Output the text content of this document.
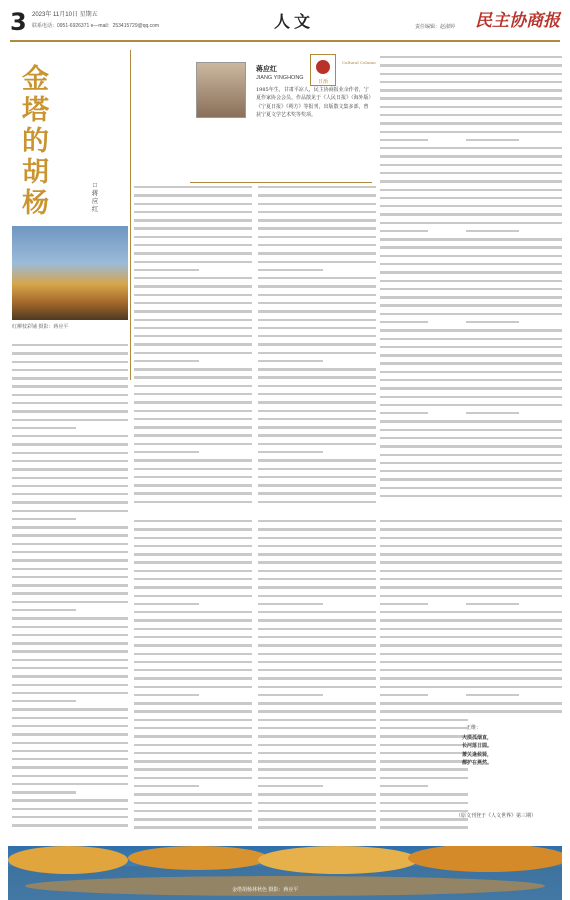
3 2023年 11月10日 星期五
联系电话：0951-6926371 e—mail：253415729@qq.com	人文	责任编辑：赵淑婷 民主协商报
金
塔
的
胡
杨
□蒋应红
红柳枝彩铺 摄影：蒋应平
蒋应红
JIANG YINGHONG
日渐
Cultural Column
1985年生，甘肃平凉人，民主协商报业余作者，宁夏作家协会会员。作品散见于《人民日报》（海外版）《宁夏日报》《朔方》等报刊，出版散文集多部，曾获宁夏文学艺术奖等奖项。
王维：
大漠孤烟直，
长河落日圆。
萧关逢候骑，
都护在燕然。
（原文刊登于《人文世界》第三期）
金塔胡杨林秋色 摄影：蒋应平
